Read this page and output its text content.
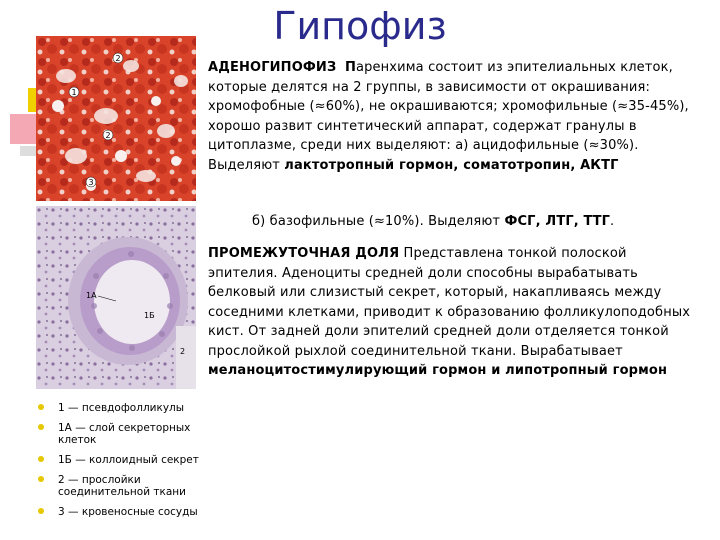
Гипофиз
1
2
2
3
1А
1Б
2
АДЕНОГИПОФИЗ Паренхима состоит из эпителиальных клеток, которые делятся на 2 группы, в зависимости от окрашивания: хромофобные (≈60%), не окрашиваются; хромофильные (≈35-45%), хорошо развит синтетический аппарат, содержат гранулы в цитоплазме, среди них выделяют: а) ацидофильные (≈30%). Выделяют лактотропный гормон, соматотропин, АКТГ
б) базофильные (≈10%). Выделяют ФСГ, ЛТГ, ТТГ.
ПРОМЕЖУТОЧНАЯ ДОЛЯ Представлена тонкой полоской эпителия. Аденоциты средней доли способны вырабатывать белковый или слизистый секрет, который, накапливаясь между соседними клетками, приводит к образованию фолликулоподобных кист. От задней доли эпителий средней доли отделяется тонкой прослойкой рыхлой соединительной ткани. Вырабатывает меланоцитостимулирующий гормон и липотропный гормон
1 — псевдофолликулы
1А — слой секреторных клеток
1Б — коллоидный секрет
2 — прослойки соединительной ткани
3 — кровеносные сосуды
